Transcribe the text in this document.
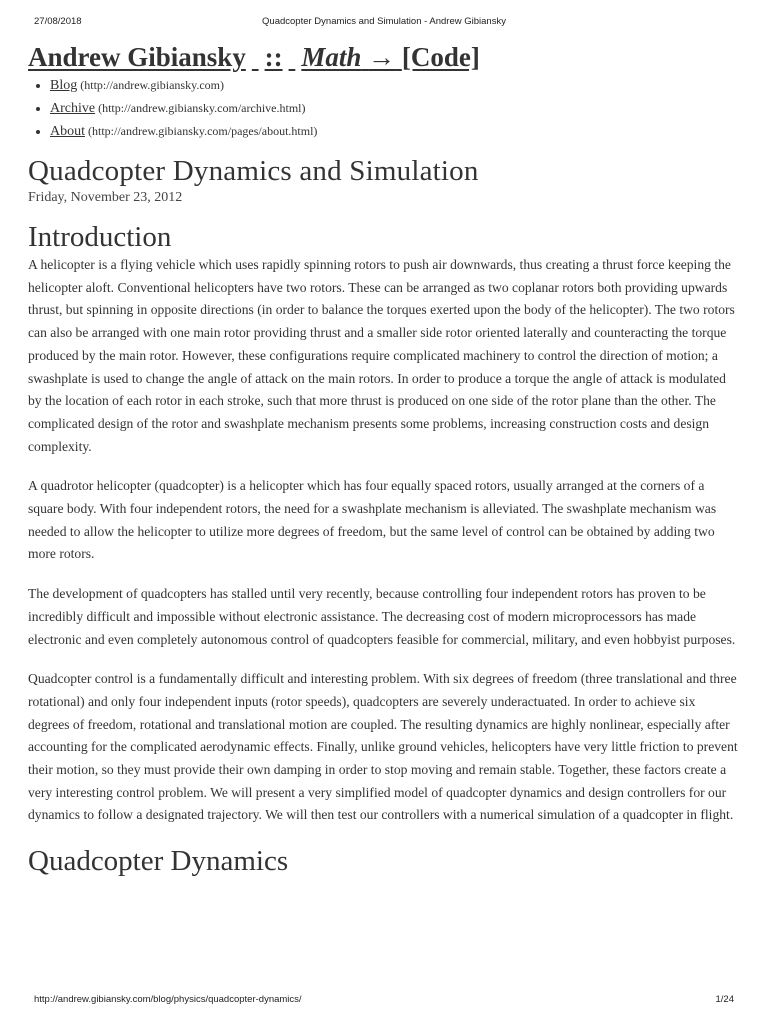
27/08/2018	Quadcopter Dynamics and Simulation - Andrew Gibiansky
Andrew Gibiansky :: Math → [Code]
• Blog (http://andrew.gibiansky.com)
• Archive (http://andrew.gibiansky.com/archive.html)
• About (http://andrew.gibiansky.com/pages/about.html)
Quadcopter Dynamics and Simulation

Friday, November 23, 2012

Introduction

A helicopter is a flying vehicle which uses rapidly spinning rotors to push air downwards, thus creating a thrust force keeping the helicopter aloft. Conventional helicopters have two rotors. These can be arranged as two coplanar rotors both providing upwards thrust, but spinning in opposite directions (in order to balance the torques exerted upon the body of the helicopter). The two rotors can also be arranged with one main rotor providing thrust and a smaller side rotor oriented laterally and counteracting the torque produced by the main rotor. However, these configurations require complicated machinery to control the direction of motion; a swashplate is used to change the angle of attack on the main rotors. In order to produce a torque the angle of attack is modulated by the location of each rotor in each stroke, such that more thrust is produced on one side of the rotor plane than the other. The complicated design of the rotor and swashplate mechanism presents some problems, increasing construction costs and design complexity.

A quadrotor helicopter (quadcopter) is a helicopter which has four equally spaced rotors, usually arranged at the corners of a square body. With four independent rotors, the need for a swashplate mechanism is alleviated. The swashplate mechanism was needed to allow the helicopter to utilize more degrees of freedom, but the same level of control can be obtained by adding two more rotors.

The development of quadcopters has stalled until very recently, because controlling four independent rotors has proven to be incredibly difficult and impossible without electronic assistance. The decreasing cost of modern microprocessors has made electronic and even completely autonomous control of quadcopters feasible for commercial, military, and even hobbyist purposes.

Quadcopter control is a fundamentally difficult and interesting problem. With six degrees of freedom (three translational and three rotational) and only four independent inputs (rotor speeds), quadcopters are severely underactuated. In order to achieve six degrees of freedom, rotational and translational motion are coupled. The resulting dynamics are highly nonlinear, especially after accounting for the complicated aerodynamic effects. Finally, unlike ground vehicles, helicopters have very little friction to prevent their motion, so they must provide their own damping in order to stop moving and remain stable. Together, these factors create a very interesting control problem. We will present a very simplified model of quadcopter dynamics and design controllers for our dynamics to follow a designated trajectory. We will then test our controllers with a numerical simulation of a quadcopter in flight.

Quadcopter Dynamics
http://andrew.gibiansky.com/blog/physics/quadcopter-dynamics/	1/24
